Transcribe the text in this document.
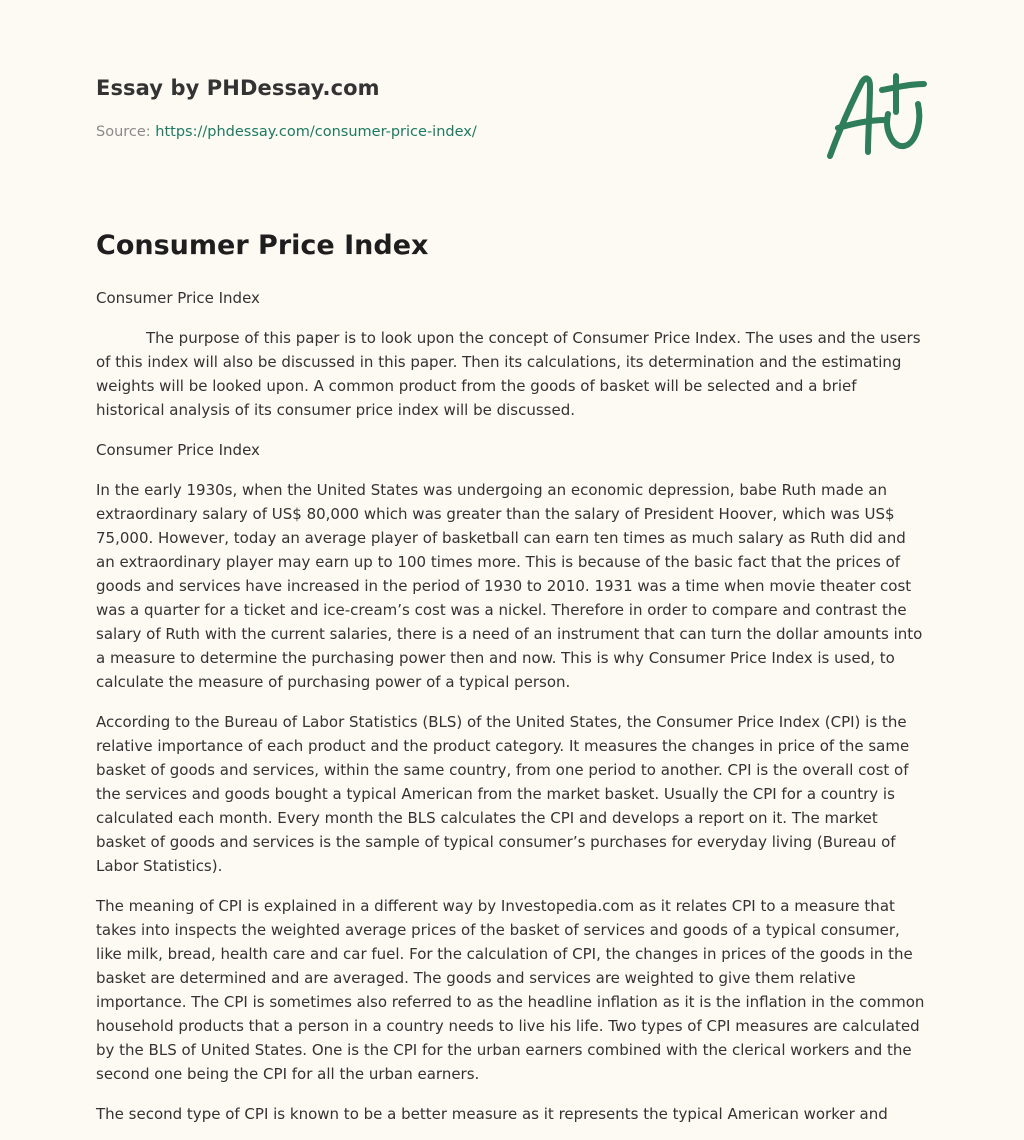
Essay by PHDessay.com
Source: https://phdessay.com/consumer-price-index/
Consumer Price Index
Consumer Price Index

The purpose of this paper is to look upon the concept of Consumer Price Index. The uses and the users of this index will also be discussed in this paper. Then its calculations, its determination and the estimating weights will be looked upon. A common product from the goods of basket will be selected and a brief historical analysis of its consumer price index will be discussed.

Consumer Price Index

In the early 1930s, when the United States was undergoing an economic depression, babe Ruth made an extraordinary salary of US$ 80,000 which was greater than the salary of President Hoover, which was US$ 75,000. However, today an average player of basketball can earn ten times as much salary as Ruth did and an extraordinary player may earn up to 100 times more. This is because of the basic fact that the prices of goods and services have increased in the period of 1930 to 2010. 1931 was a time when movie theater cost was a quarter for a ticket and ice-cream’s cost was a nickel. Therefore in order to compare and contrast the salary of Ruth with the current salaries, there is a need of an instrument that can turn the dollar amounts into a measure to determine the purchasing power then and now. This is why Consumer Price Index is used, to calculate the measure of purchasing power of a typical person.

According to the Bureau of Labor Statistics (BLS) of the United States, the Consumer Price Index (CPI) is the relative importance of each product and the product category. It measures the changes in price of the same basket of goods and services, within the same country, from one period to another. CPI is the overall cost of the services and goods bought a typical American from the market basket. Usually the CPI for a country is calculated each month. Every month the BLS calculates the CPI and develops a report on it. The market basket of goods and services is the sample of typical consumer’s purchases for everyday living (Bureau of Labor Statistics).

The meaning of CPI is explained in a different way by Investopedia.com as it relates CPI to a measure that takes into inspects the weighted average prices of the basket of services and goods of a typical consumer, like milk, bread, health care and car fuel. For the calculation of CPI, the changes in prices of the goods in the basket are determined and are averaged. The goods and services are weighted to give them relative importance. The CPI is sometimes also referred to as the headline inflation as it is the inflation in the common household products that a person in a country needs to live his life. Two types of CPI measures are calculated by the BLS of United States. One is the CPI for the urban earners combined with the clerical workers and the second one being the CPI for all the urban earners.

The second type of CPI is known to be a better measure as it represents the typical American worker and
